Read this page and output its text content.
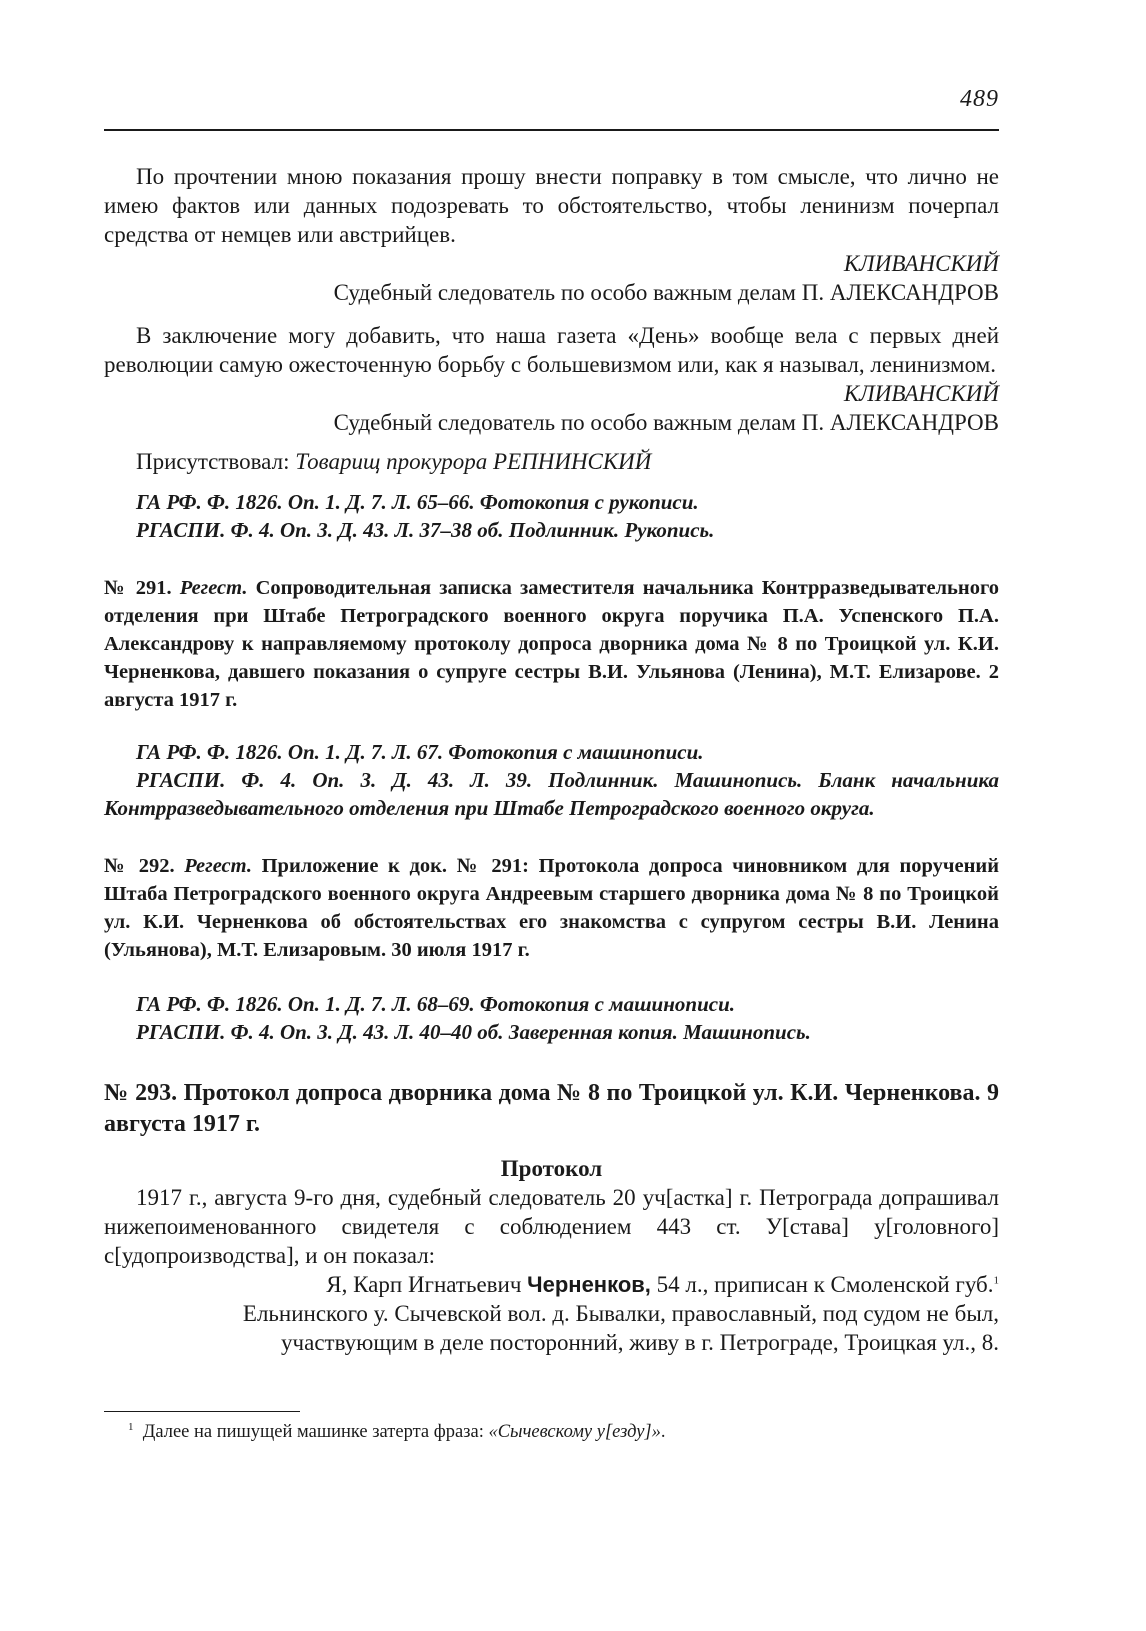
489

По прочтении мною показания прошу внести поправку в том смысле, что лично не имею фактов или данных подозревать то обстоятельство, чтобы ленинизм почерпал средства от немцев или австрийцев.

КЛИВАНСКИЙ

Судебный следователь по особо важным делам П. АЛЕКСАНДРОВ

В заключение могу добавить, что наша газета «День» вообще вела с первых дней революции самую ожесточенную борьбу с большевизмом или, как я называл, ленинизмом.

КЛИВАНСКИЙ

Судебный следователь по особо важным делам П. АЛЕКСАНДРОВ

Присутствовал: Товарищ прокурора РЕПНИНСКИЙ

ГА РФ. Ф. 1826. Оп. 1. Д. 7. Л. 65–66. Фотокопия с рукописи.

РГАСПИ. Ф. 4. Оп. 3. Д. 43. Л. 37–38 об. Подлинник. Рукопись.

№ 291. Регест. Сопроводительная записка заместителя начальника Контрразведывательного отделения при Штабе Петроградского военного округа поручика П.А. Успенского П.А. Александрову к направляемому протоколу допроса дворника дома № 8 по Троицкой ул. К.И. Черненкова, давшего показания о супруге сестры В.И. Ульянова (Ленина), М.Т. Елизарове. 2 августа 1917 г.

ГА РФ. Ф. 1826. Оп. 1. Д. 7. Л. 67. Фотокопия с машинописи.

РГАСПИ. Ф. 4. Оп. 3. Д. 43. Л. 39. Подлинник. Машинопись. Бланк начальника Контрразведывательного отделения при Штабе Петроградского военного округа.

№ 292. Регест. Приложение к док. № 291: Протокола допроса чиновником для поручений Штаба Петроградского военного округа Андреевым старшего дворника дома № 8 по Троицкой ул. К.И. Черненкова об обстоятельствах его знакомства с супругом сестры В.И. Ленина (Ульянова), М.Т. Елизаровым. 30 июля 1917 г.

ГА РФ. Ф. 1826. Оп. 1. Д. 7. Л. 68–69. Фотокопия с машинописи.

РГАСПИ. Ф. 4. Оп. 3. Д. 43. Л. 40–40 об. Заверенная копия. Машинопись.

№ 293. Протокол допроса дворника дома № 8 по Троицкой ул. К.И. Черненкова. 9 августа 1917 г.

Протокол

1917 г., августа 9-го дня, судебный следователь 20 уч[астка] г. Петрограда допрашивал нижепоименованного свидетеля с соблюдением 443 ст. У[става] у[головного] с[удопроизводства], и он показал:

Я, Карп Игнатьевич Черненков, 54 л., приписан к Смоленской губ.$^1$

Ельнинского у. Сычевской вол. д. Бывалки, православный, под судом не был,

участвующим в деле посторонний, живу в г. Петрограде, Троицкая ул., 8.

$^1$ Далее на пишущей машинке затерта фраза: «Сычевскому у[езду]».
